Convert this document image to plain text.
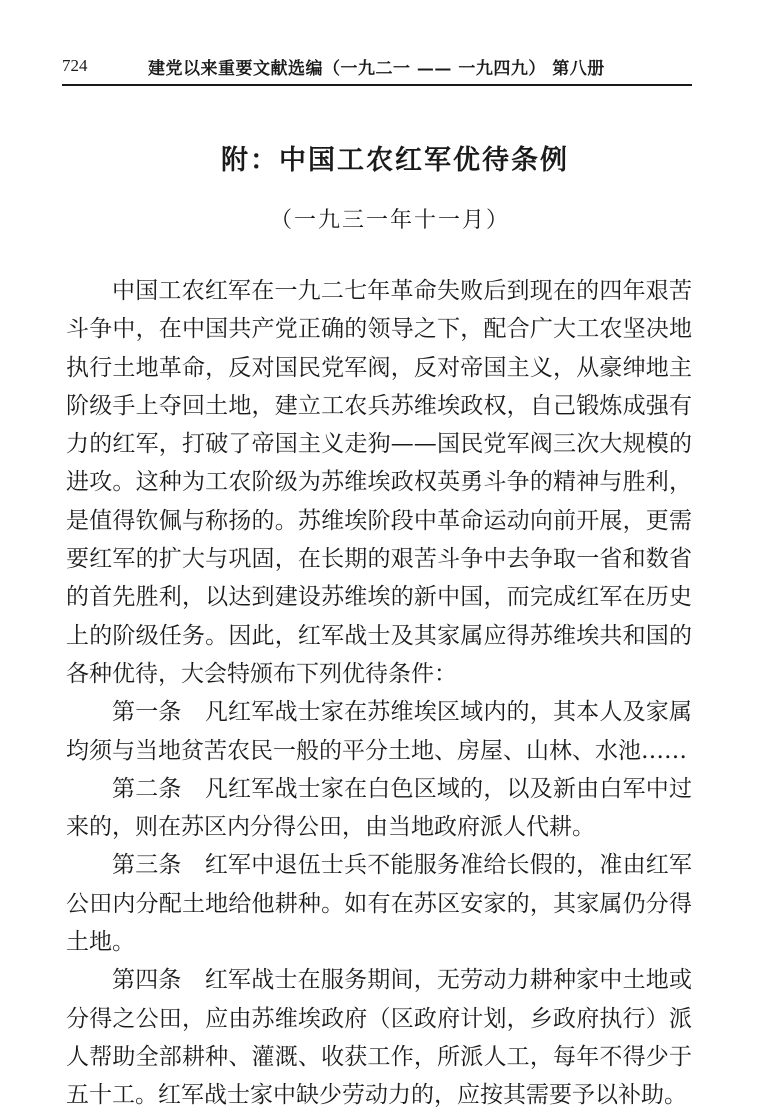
724	建党以来重要文献选编（一九二一 —— 一九四九） 第八册
附：中国工农红军优待条例
（一九三一年十一月）

中国工农红军在一九二七年革命失败后到现在的四年艰苦斗争中，在中国共产党正确的领导之下，配合广大工农坚决地执行土地革命，反对国民党军阀，反对帝国主义，从豪绅地主阶级手上夺回土地，建立工农兵苏维埃政权，自己锻炼成强有力的红军，打破了帝国主义走狗——国民党军阀三次大规模的进攻。这种为工农阶级为苏维埃政权英勇斗争的精神与胜利，是值得钦佩与称扬的。苏维埃阶段中革命运动向前开展，更需要红军的扩大与巩固，在长期的艰苦斗争中去争取一省和数省的首先胜利，以达到建设苏维埃的新中国，而完成红军在历史上的阶级任务。因此，红军战士及其家属应得苏维埃共和国的各种优待，大会特颁布下列优待条件：

第一条　凡红军战士家在苏维埃区域内的，其本人及家属均须与当地贫苦农民一般的平分土地、房屋、山林、水池……

第二条　凡红军战士家在白色区域的，以及新由白军中过来的，则在苏区内分得公田，由当地政府派人代耕。

第三条　红军中退伍士兵不能服务准给长假的，准由红军公田内分配土地给他耕种。如有在苏区安家的，其家属仍分得土地。

第四条　红军战士在服务期间，无劳动力耕种家中土地或分得之公田，应由苏维埃政府（区政府计划，乡政府执行）派人帮助全部耕种、灌溉、收获工作，所派人工，每年不得少于五十工。红军战士家中缺少劳动力的，应按其需要予以补助。
